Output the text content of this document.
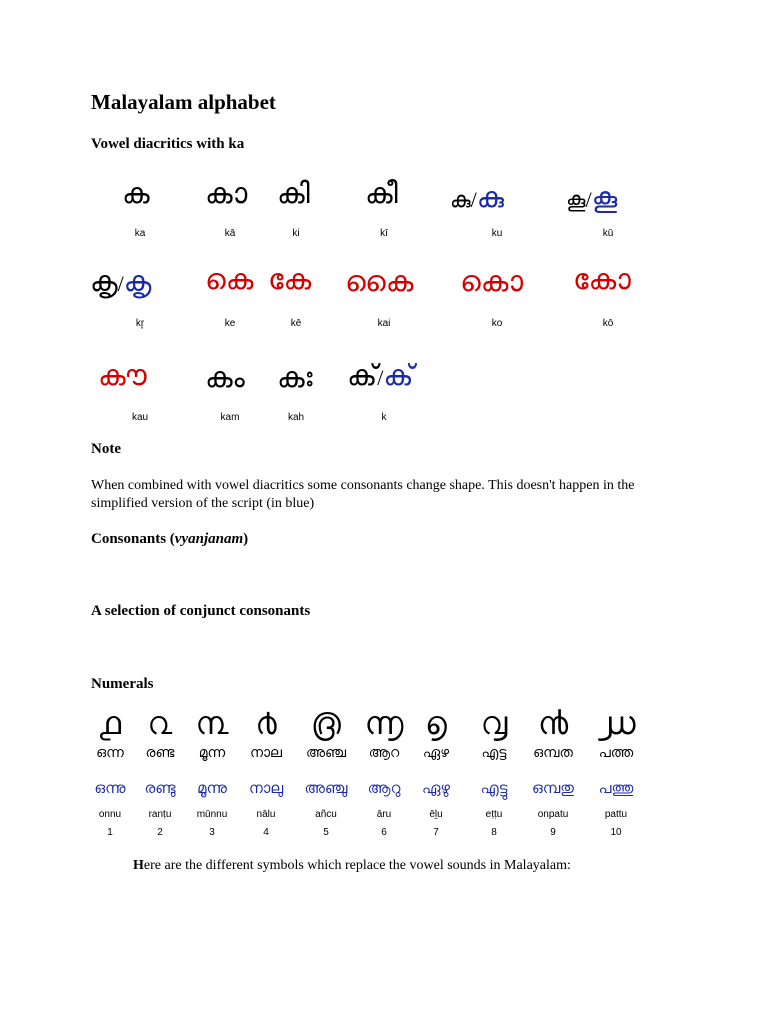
Malayalam alphabet
Vowel diacritics with ka
ക കാ കി കീ കു/കു	കൂ/കൂ
ka	kā	ki	kī	ku	kū
കൃ/കൃ കെ കേ കൈ കൊ കോ
kr̥	ke	kē	kai	ko	kō
കൗ കം കഃ ക്/ക്
kau	kam	kah	k
Note
When combined with vowel diacritics some consonants change shape. This doesn't happen in the
simplified version of the script (in blue)
Consonants (vyanjanam)
A selection of conjunct consonants
Numerals
൧ ൨ ൩ ൪	൫ ൬ ൭	൮ ൯ ൰
ഒന്ന	രണ്ട	മൂന്ന	നാല	അഞ്ച	ആറ	ഏഴ	എട്ട	ഒമ്പത	പത്ത
ഒന്നു	രണ്ടു	മൂന്നു	നാലു	അഞ്ചു	ആറു	ഏഴു	എട്ടു	ഒമ്പതു	പത്തു
onnu	ranṭu	mūnnu	nālu	añcu	āru	ēḻu	eṭṭu	onpatu	pattu
1	2	3	4	5	6	7	8	9	10
Here are the different symbols which replace the vowel sounds in Malayalam:
